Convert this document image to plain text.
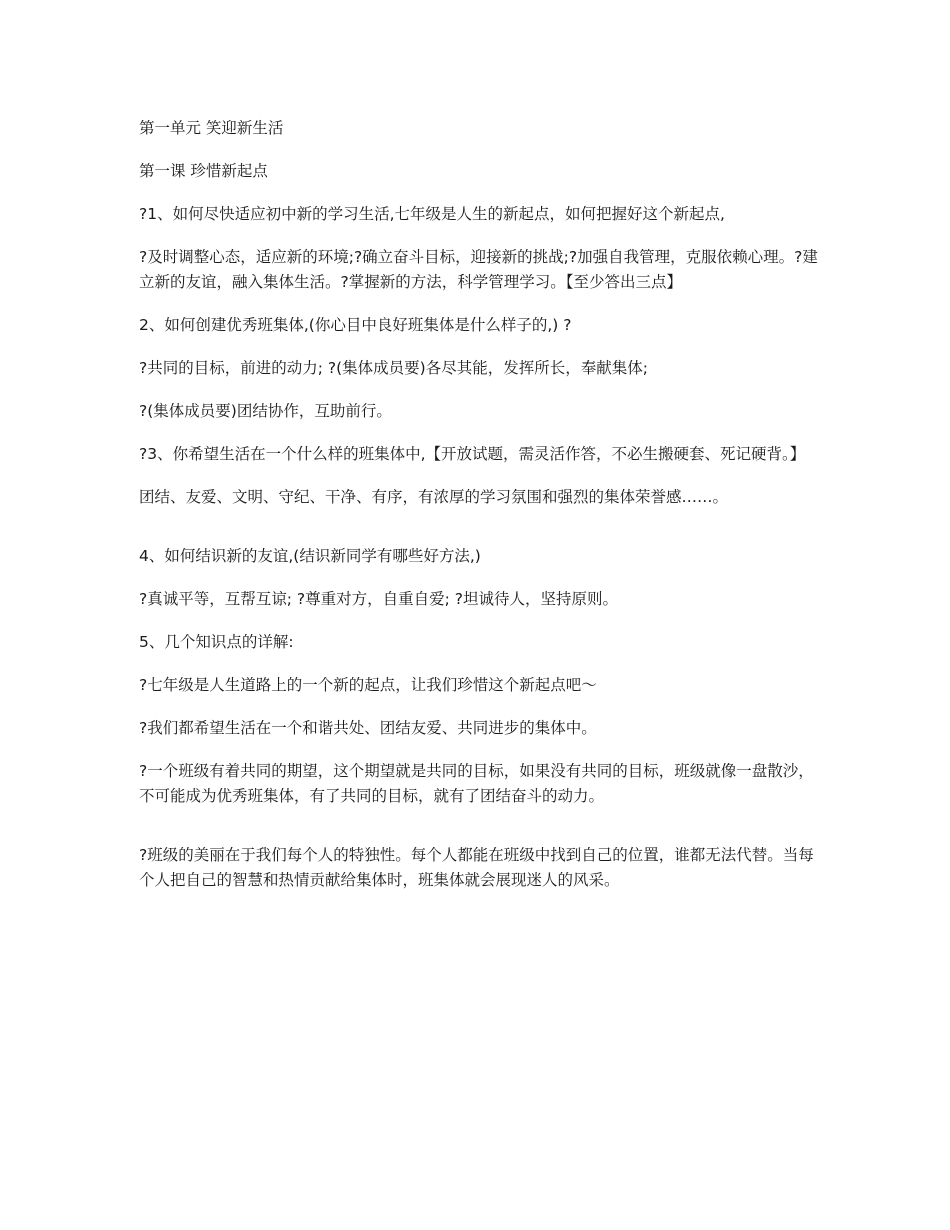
第一单元 笑迎新生活

第一课 珍惜新起点

?1、如何尽快适应初中新的学习生活,七年级是人生的新起点，如何把握好这个新起点,

?及时调整心态，适应新的环境;?确立奋斗目标，迎接新的挑战;?加强自我管理，克服依赖心理。?建立新的友谊，融入集体生活。?掌握新的方法，科学管理学习。【至少答出三点】

2、如何创建优秀班集体,(你心目中良好班集体是什么样子的,) ?

?共同的目标，前进的动力; ?(集体成员要)各尽其能，发挥所长，奉献集体;

?(集体成员要)团结协作，互助前行。

?3、你希望生活在一个什么样的班集体中,【开放试题，需灵活作答，不必生搬硬套、死记硬背。】

团结、友爱、文明、守纪、干净、有序，有浓厚的学习氛围和强烈的集体荣誉感……。

4、如何结识新的友谊,(结识新同学有哪些好方法,)

?真诚平等，互帮互谅; ?尊重对方，自重自爱; ?坦诚待人，坚持原则。

5、几个知识点的详解:

?七年级是人生道路上的一个新的起点，让我们珍惜这个新起点吧～

?我们都希望生活在一个和谐共处、团结友爱、共同进步的集体中。

?一个班级有着共同的期望，这个期望就是共同的目标，如果没有共同的目标，班级就像一盘散沙，不可能成为优秀班集体，有了共同的目标，就有了团结奋斗的动力。

?班级的美丽在于我们每个人的特独性。每个人都能在班级中找到自己的位置，谁都无法代替。当每个人把自己的智慧和热情贡献给集体时，班集体就会展现迷人的风采。
